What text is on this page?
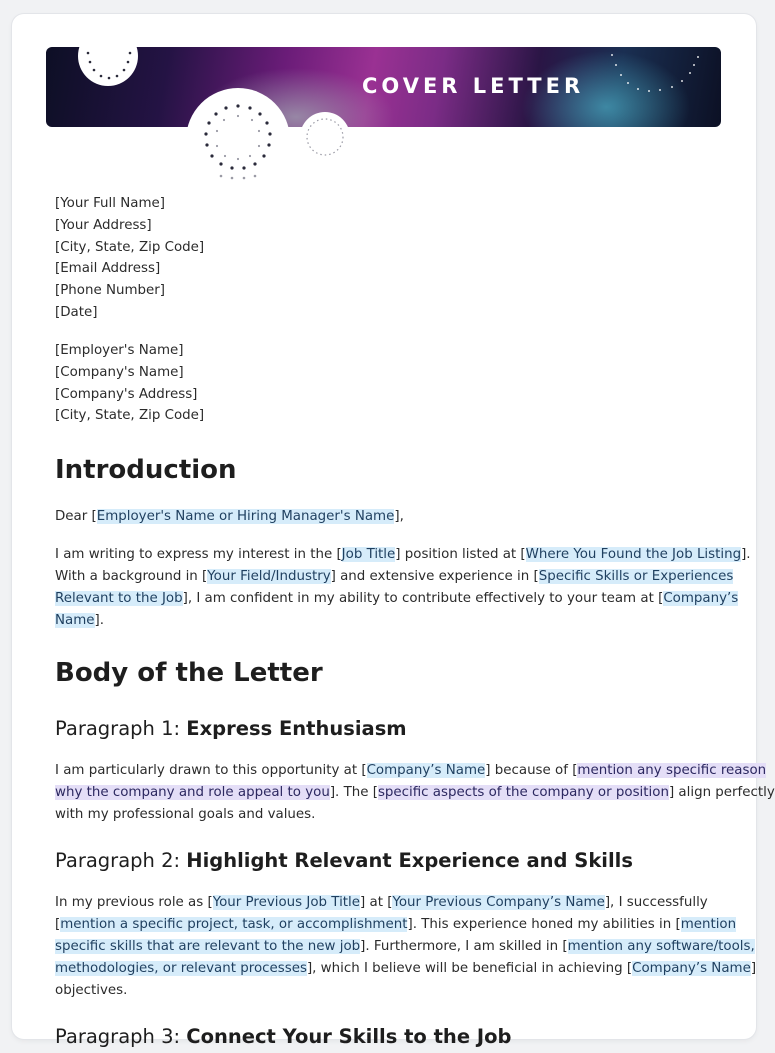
COVER LETTER
[Your Full Name]
[Your Address]
[City, State, Zip Code]
[Email Address]
[Phone Number]
[Date]
[Employer's Name]
[Company's Name]
[Company's Address]
[City, State, Zip Code]
Introduction
Dear [Employer's Name or Hiring Manager's Name],
I am writing to express my interest in the [Job Title] position listed at [Where You Found the Job Listing].
With a background in [Your Field/Industry] and extensive experience in [Specific Skills or Experiences
Relevant to the Job], I am confident in my ability to contribute effectively to your team at [Company’s
Name].
Body of the Letter
Paragraph 1: Express Enthusiasm
I am particularly drawn to this opportunity at [Company’s Name] because of [mention any specific reason
why the company and role appeal to you]. The [specific aspects of the company or position] align perfectly
with my professional goals and values.
Paragraph 2: Highlight Relevant Experience and Skills
In my previous role as [Your Previous Job Title] at [Your Previous Company’s Name], I successfully
[mention a specific project, task, or accomplishment]. This experience honed my abilities in [mention
specific skills that are relevant to the new job]. Furthermore, I am skilled in [mention any software/tools,
methodologies, or relevant processes], which I believe will be beneficial in achieving [Company’s Name]
objectives.
Paragraph 3: Connect Your Skills to the Job
